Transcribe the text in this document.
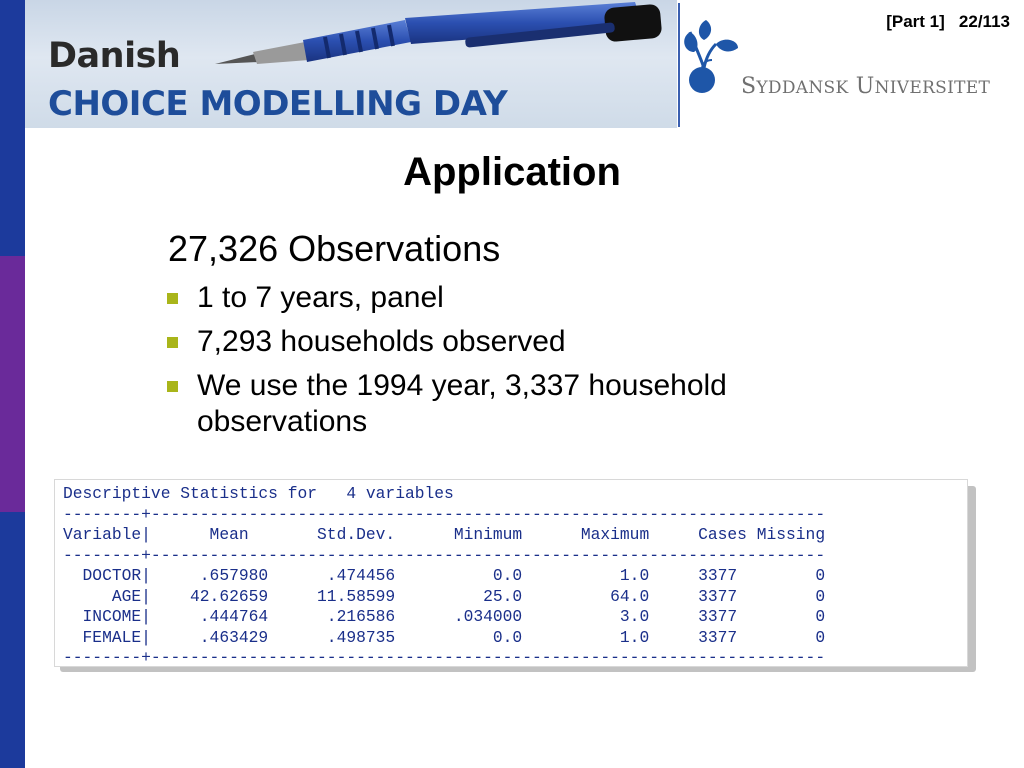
Danish
CHOICE MODELLING DAY	SYDDANSK UNIVERSITET
[Part 1]   22/113
Application
27,326 Observations
1 to 7 years, panel
7,293 households observed
We use the 1994 year, 3,337 household observations
Descriptive Statistics for   4 variables
--------+---------------------------------------------------------------------
Variable|      Mean       Std.Dev.      Minimum      Maximum     Cases Missing
--------+---------------------------------------------------------------------
DOCTOR|     .657980      .474456          0.0          1.0     3377        0
AGE|    42.62659     11.58599         25.0         64.0     3377        0
INCOME|     .444764      .216586      .034000          3.0     3377        0
FEMALE|     .463429      .498735          0.0          1.0     3377        0
--------+---------------------------------------------------------------------
